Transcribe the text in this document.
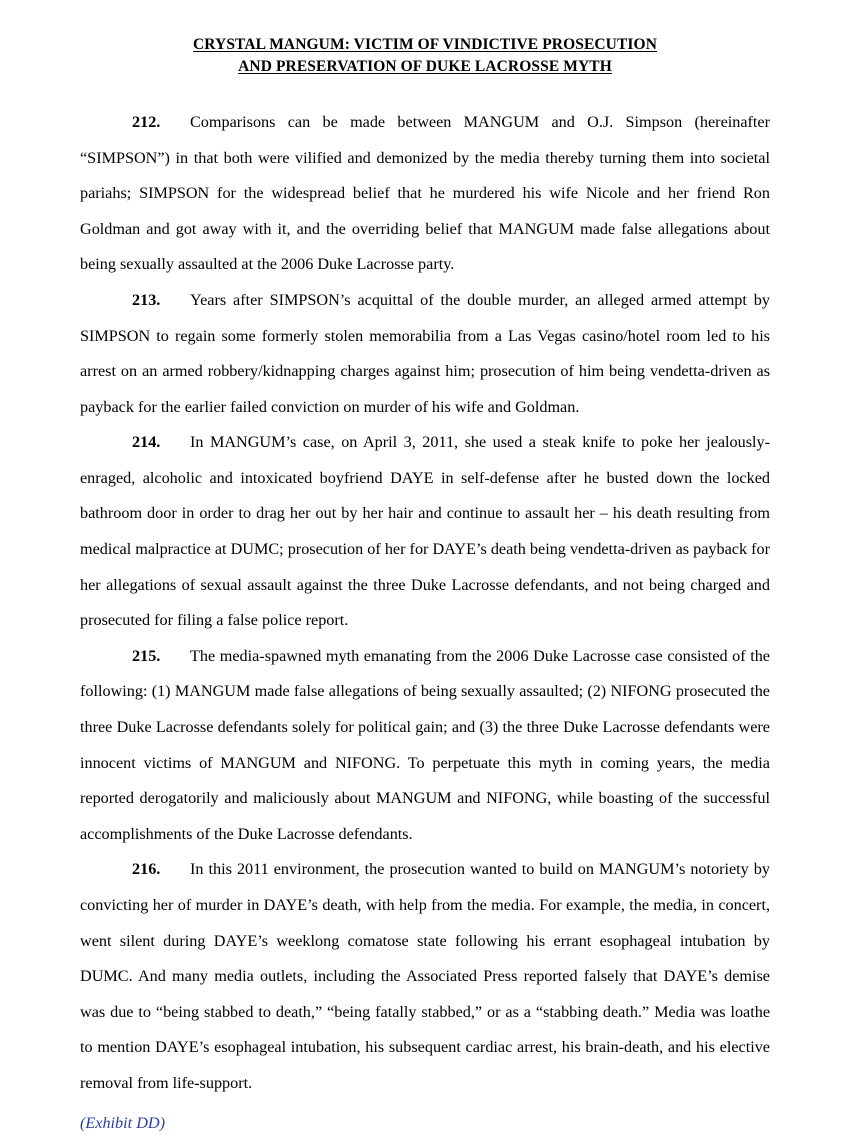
CRYSTAL MANGUM: VICTIM OF VINDICTIVE PROSECUTION
AND PRESERVATION OF DUKE LACROSSE MYTH

212. Comparisons can be made between MANGUM and O.J. Simpson (hereinafter “SIMPSON”) in that both were vilified and demonized by the media thereby turning them into societal pariahs; SIMPSON for the widespread belief that he murdered his wife Nicole and her friend Ron Goldman and got away with it, and the overriding belief that MANGUM made false allegations about being sexually assaulted at the 2006 Duke Lacrosse party.

213. Years after SIMPSON’s acquittal of the double murder, an alleged armed attempt by SIMPSON to regain some formerly stolen memorabilia from a Las Vegas casino/hotel room led to his arrest on an armed robbery/kidnapping charges against him; prosecution of him being vendetta-driven as payback for the earlier failed conviction on murder of his wife and Goldman.

214. In MANGUM’s case, on April 3, 2011, she used a steak knife to poke her jealously-enraged, alcoholic and intoxicated boyfriend DAYE in self-defense after he busted down the locked bathroom door in order to drag her out by her hair and continue to assault her – his death resulting from medical malpractice at DUMC; prosecution of her for DAYE’s death being vendetta-driven as payback for her allegations of sexual assault against the three Duke Lacrosse defendants, and not being charged and prosecuted for filing a false police report.

215. The media-spawned myth emanating from the 2006 Duke Lacrosse case consisted of the following: (1) MANGUM made false allegations of being sexually assaulted; (2) NIFONG prosecuted the three Duke Lacrosse defendants solely for political gain; and (3) the three Duke Lacrosse defendants were innocent victims of MANGUM and NIFONG. To perpetuate this myth in coming years, the media reported derogatorily and maliciously about MANGUM and NIFONG, while boasting of the successful accomplishments of the Duke Lacrosse defendants.

216. In this 2011 environment, the prosecution wanted to build on MANGUM’s notoriety by convicting her of murder in DAYE’s death, with help from the media. For example, the media, in concert, went silent during DAYE’s weeklong comatose state following his errant esophageal intubation by DUMC. And many media outlets, including the Associated Press reported falsely that DAYE’s demise was due to “being stabbed to death,” “being fatally stabbed,” or as a “stabbing death.” Media was loathe to mention DAYE’s esophageal intubation, his subsequent cardiac arrest, his brain-death, and his elective removal from life-support.

(Exhibit DD)
